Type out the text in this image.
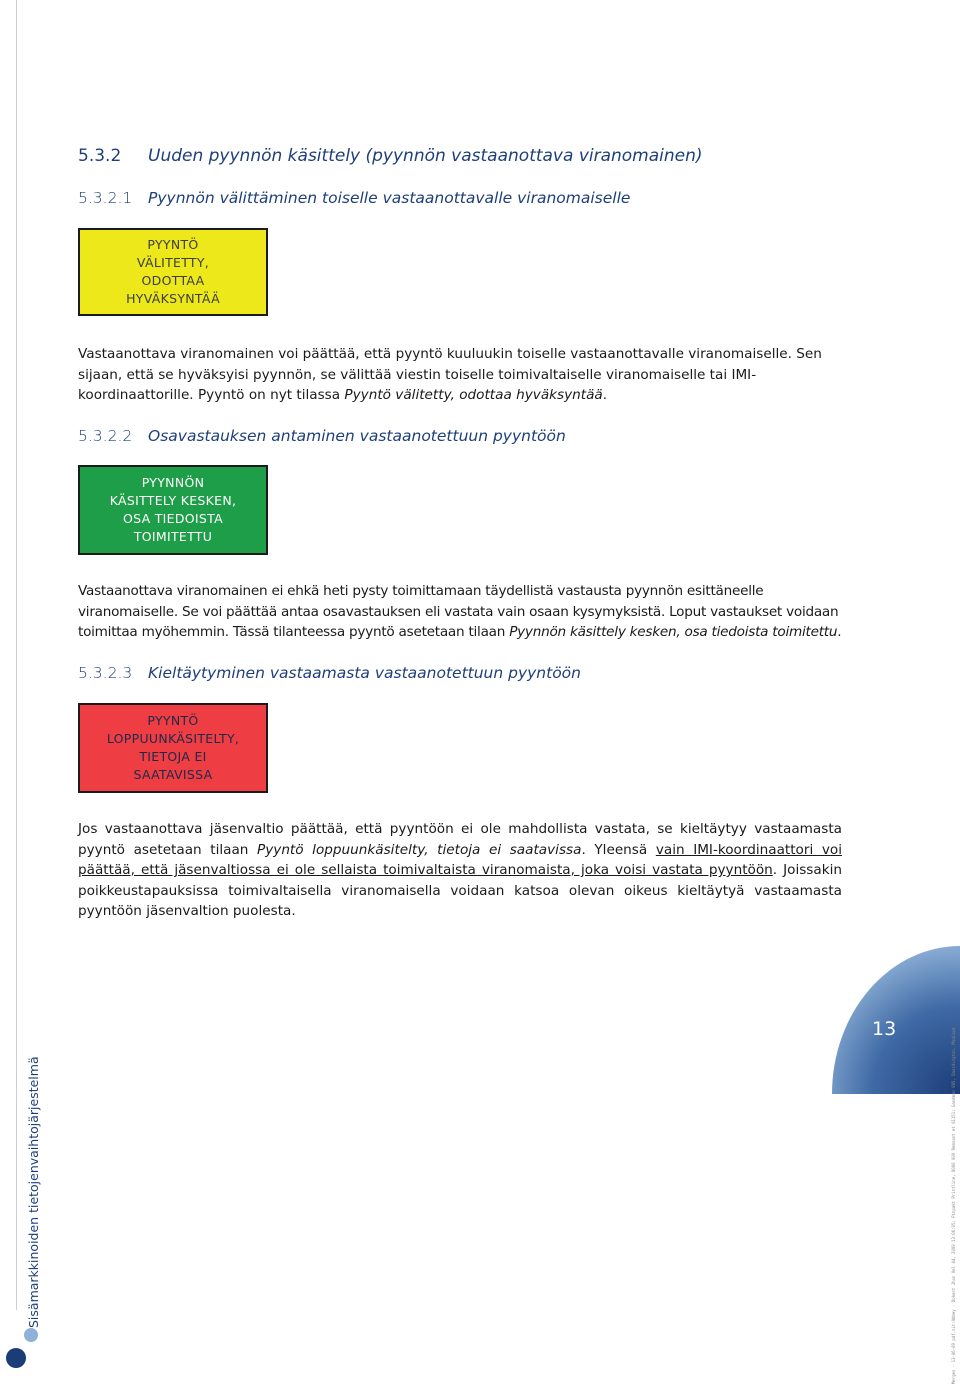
5.3.2 Uuden pyynnön käsittely (pyynnön vastaanottava viranomainen)
5.3.2.1 Pyynnön välittäminen toiselle vastaanottavalle viranomaiselle
PYYNTÖ
VÄLITETTY,
ODOTTAA
HYVÄKSYNTÄÄ
Vastaanottava viranomainen voi päättää, että pyyntö kuuluukin toiselle vastaanottavalle viranomaiselle. Sen sijaan, että se hyväksyisi pyynnön, se välittää viestin toiselle toimivaltaiselle viranomaiselle tai IMI-koordinaattorille. Pyyntö on nyt tilassa Pyyntö välitetty, odottaa hyväksyntää.
5.3.2.2 Osavastauksen antaminen vastaanotettuun pyyntöön
PYYNNÖN
KÄSITTELY KESKEN,
OSA TIEDOISTA
TOIMITETTU
Vastaanottava viranomainen ei ehkä heti pysty toimittamaan täydellistä vastausta pyynnön esittäneelle viranomaiselle. Se voi päättää antaa osavastauksen eli vastata vain osaan kysymyksistä. Loput vastaukset voidaan toimittaa myöhemmin. Tässä tilanteessa pyyntö asetetaan tilaan Pyynnön käsittely kesken, osa tiedoista toimitettu.
5.3.2.3 Kieltäytyminen vastaamasta vastaanotettuun pyyntöön
PYYNTÖ
LOPPUUNKÄSITELTY,
TIETOJA EI
SAATAVISSA
Jos vastaanottava jäsenvaltio päättää, että pyyntöön ei ole mahdollista vastata, se kieltäytyy vastaamasta pyyntö asetetaan tilaan Pyyntö loppuunkäsitelty, tietoja ei saatavissa. Yleensä vain IMI-koordinaattori voi päättää, että jäsenvaltiossa ei ole sellaista toimivaltaista viranomaista, joka voisi vastata pyyntöön. Joissakin poikkeustapauksissa toimivaltaisella viranomaisella voidaan katsoa olevan oikeus kieltäytyä vastaamasta pyyntöön jäsenvaltion puolesta.
13
Sisämarkkinoiden tietojenvaihtojärjestelmä	Merges - 13-06-09 pdf.sit:Abbey - Dokent Jhon Vel 44, 2009 13:06:05; Pinpakt Printline, 8000 000 Remsant et 01151; Gandman 895, Dassdington, Maalaud
